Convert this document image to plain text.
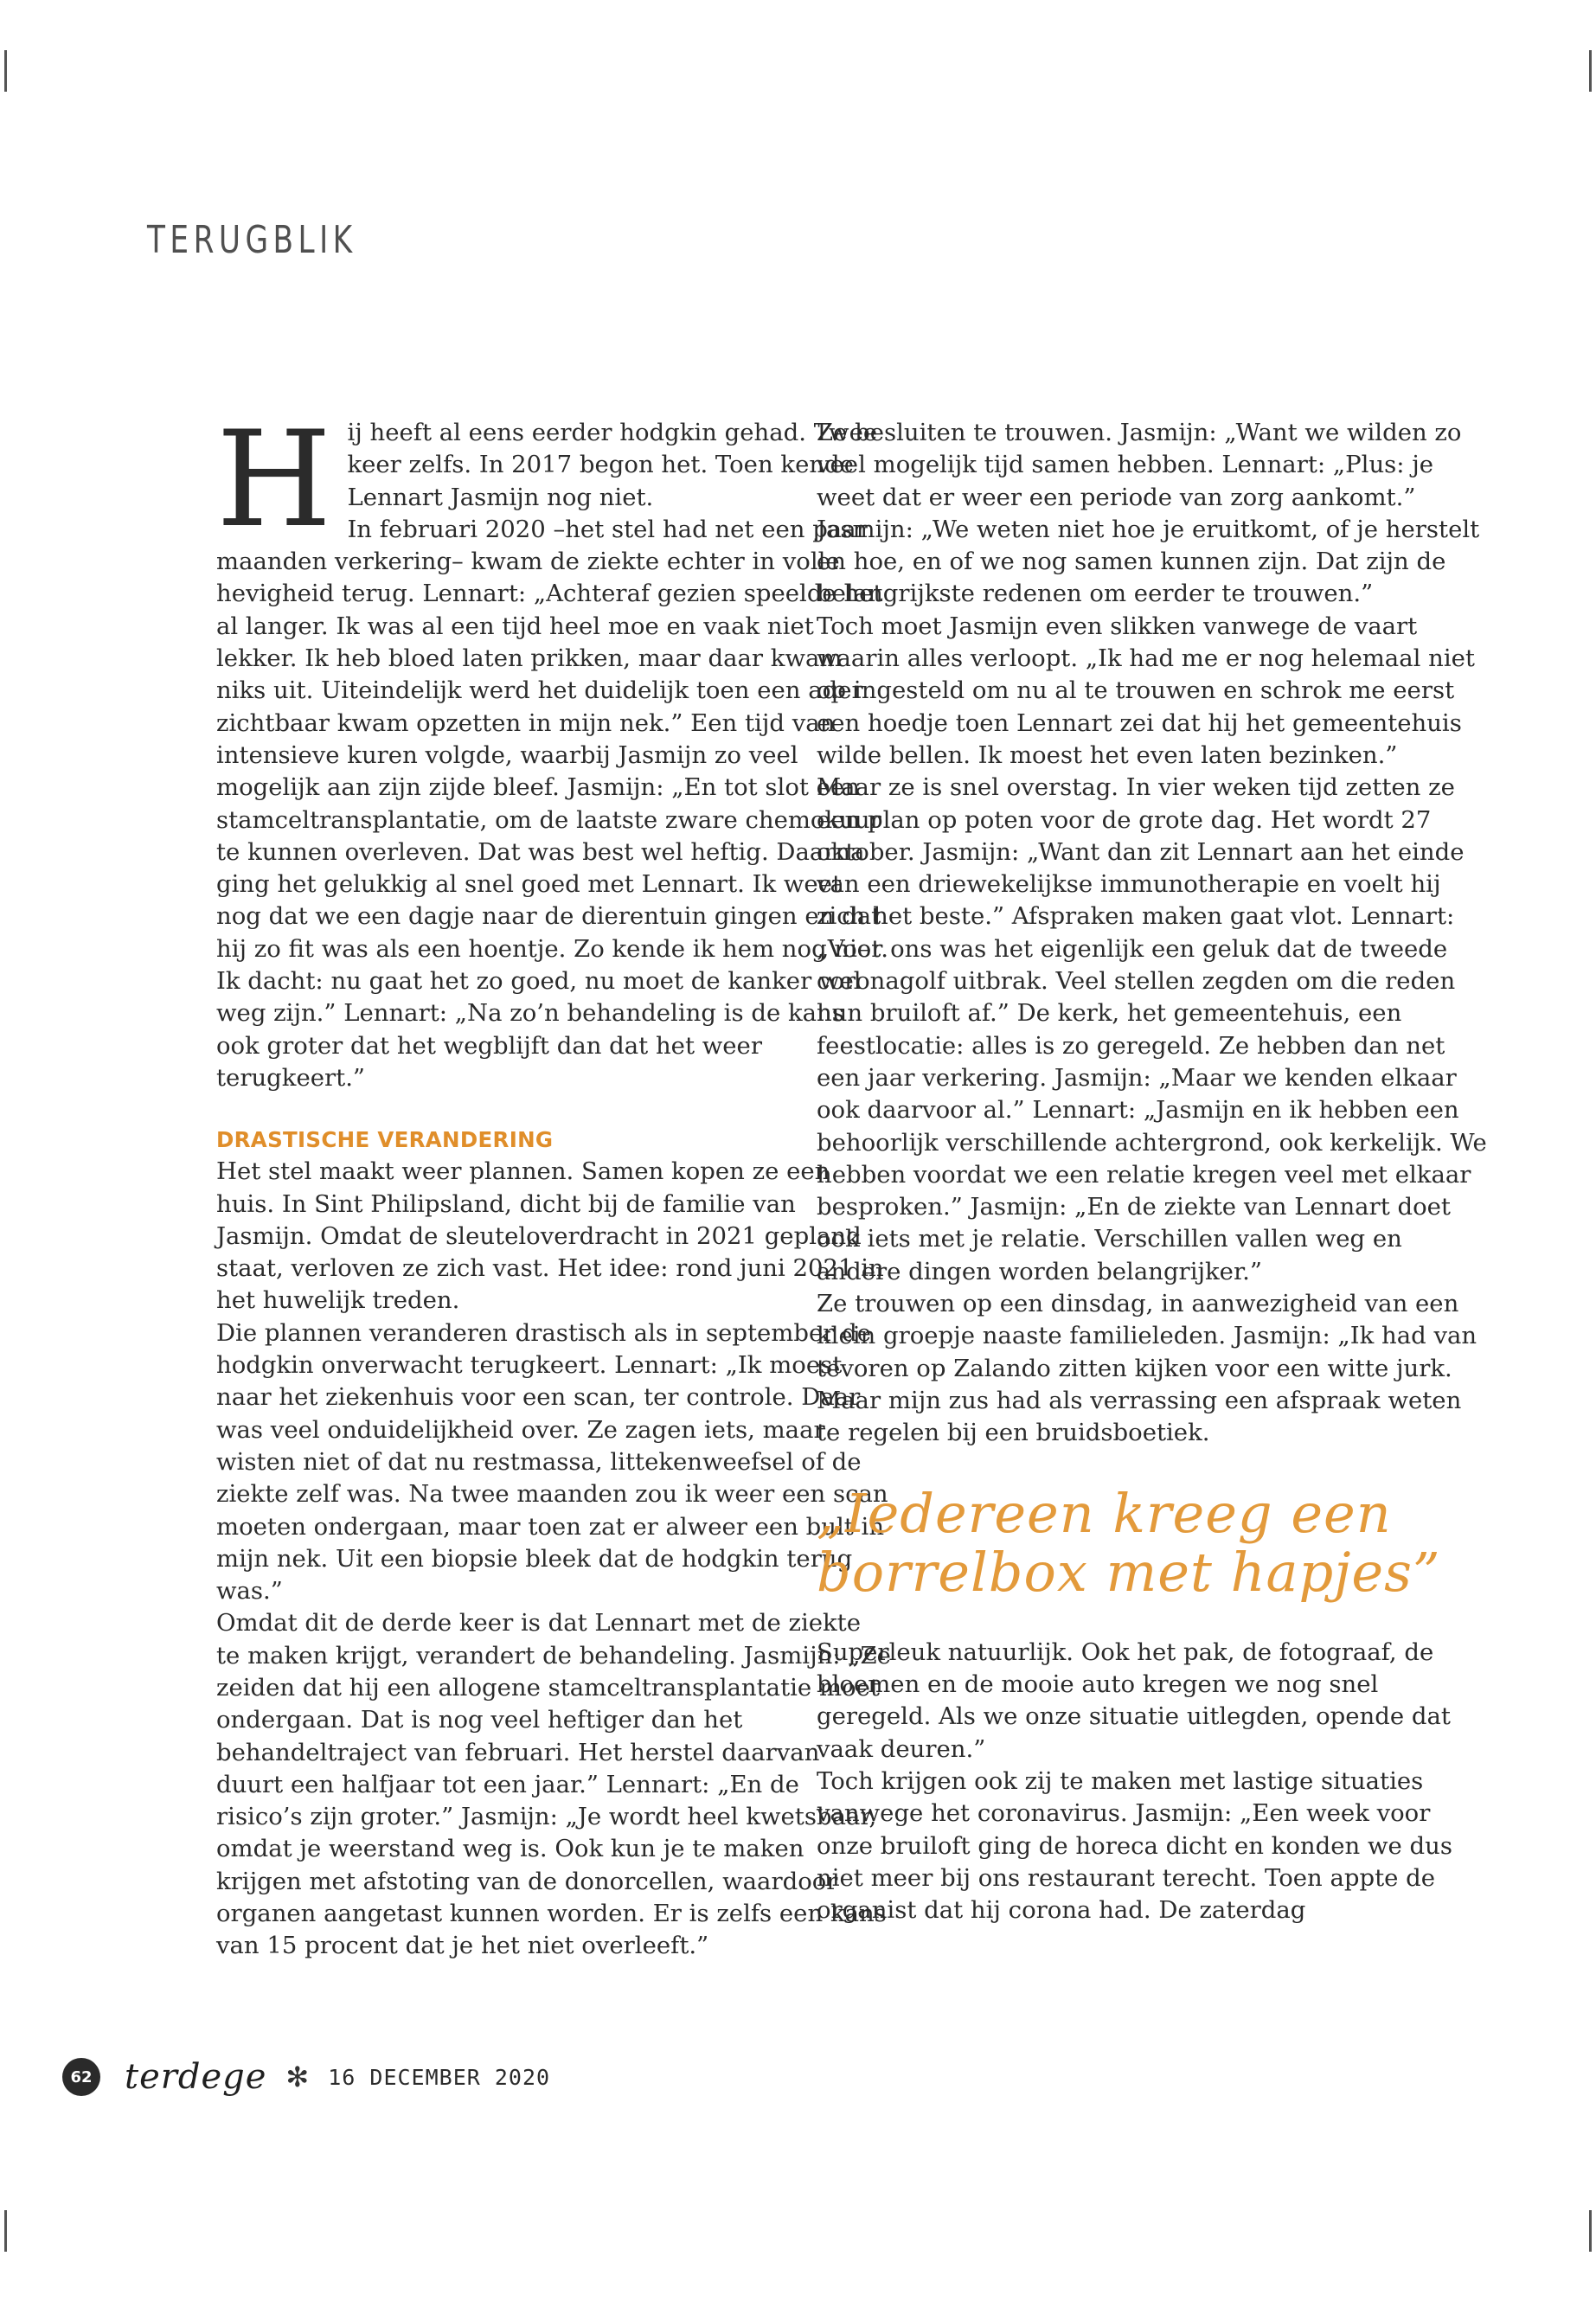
TERUGBLIK

Hij heeft al eens eerder hodgkin gehad. Twee keer zelfs. In 2017 begon het. Toen kende Lennart Jasmijn nog niet.

In februari 2020 –het stel had net een paar maanden verkering– kwam de ziekte echter in volle hevigheid terug. Lennart: „Achteraf gezien speelde het al langer. Ik was al een tijd heel moe en vaak niet lekker. Ik heb bloed laten prikken, maar daar kwam niks uit. Uiteindelijk werd het duidelijk toen een ader zichtbaar kwam opzetten in mijn nek.” Een tijd van intensieve kuren volgde, waarbij Jasmijn zo veel mogelijk aan zijn zijde bleef. Jasmijn: „En tot slot een stamceltransplantatie, om de laatste zware chemokuur te kunnen overleven. Dat was best wel heftig. Daarna ging het gelukkig al snel goed met Lennart. Ik weet nog dat we een dagje naar de dierentuin gingen en dat hij zo fit was als een hoentje. Zo kende ik hem nog niet. Ik dacht: nu gaat het zo goed, nu moet de kanker wel weg zijn.” Lennart: „Na zo’n behandeling is de kans ook groter dat het wegblijft dan dat het weer terugkeert.”

DRASTISCHE VERANDERING

Het stel maakt weer plannen. Samen kopen ze een huis. In Sint Philipsland, dicht bij de familie van Jasmijn. Omdat de sleuteloverdracht in 2021 gepland staat, verloven ze zich vast. Het idee: rond juni 2021 in het huwelijk treden.

Die plannen veranderen drastisch als in september de hodgkin onverwacht terugkeert. Lennart: „Ik moest naar het ziekenhuis voor een scan, ter controle. Daar was veel onduidelijkheid over. Ze zagen iets, maar wisten niet of dat nu restmassa, littekenweefsel of de ziekte zelf was. Na twee maanden zou ik weer een scan moeten ondergaan, maar toen zat er alweer een bult in mijn nek. Uit een biopsie bleek dat de hodgkin terug was.”

Omdat dit de derde keer is dat Lennart met de ziekte te maken krijgt, verandert de behandeling. Jasmijn: „Ze zeiden dat hij een allogene stamceltransplantatie moet ondergaan. Dat is nog veel heftiger dan het behandeltraject van februari. Het herstel daarvan duurt een halfjaar tot een jaar.” Lennart: „En de risico’s zijn groter.” Jasmijn: „Je wordt heel kwetsbaar, omdat je weerstand weg is. Ook kun je te maken krijgen met afstoting van de donorcellen, waardoor organen aangetast kunnen worden. Er is zelfs een kans van 15 procent dat je het niet overleeft.”

Ze besluiten te trouwen. Jasmijn: „Want we wilden zo veel mogelijk tijd samen hebben. Lennart: „Plus: je weet dat er weer een periode van zorg aankomt.” Jasmijn: „We weten niet hoe je eruitkomt, of je herstelt en hoe, en of we nog samen kunnen zijn. Dat zijn de belangrijkste redenen om eerder te trouwen.”

Toch moet Jasmijn even slikken vanwege de vaart waarin alles verloopt. „Ik had me er nog helemaal niet op ingesteld om nu al te trouwen en schrok me eerst een hoedje toen Lennart zei dat hij het gemeentehuis wilde bellen. Ik moest het even laten bezinken.”

Maar ze is snel overstag. In vier weken tijd zetten ze een plan op poten voor de grote dag. Het wordt 27 oktober. Jasmijn: „Want dan zit Lennart aan het einde van een driewekelijkse immunotherapie en voelt hij zich het beste.” Afspraken maken gaat vlot. Lennart: „Voor ons was het eigenlijk een geluk dat de tweede coronagolf uitbrak. Veel stellen zegden om die reden hun bruiloft af.” De kerk, het gemeentehuis, een feestlocatie: alles is zo geregeld. Ze hebben dan net een jaar verkering. Jasmijn: „Maar we kenden elkaar ook daarvoor al.” Lennart: „Jasmijn en ik hebben een behoorlijk verschillende achtergrond, ook kerkelijk. We hebben voordat we een relatie kregen veel met elkaar besproken.” Jasmijn: „En de ziekte van Lennart doet ook iets met je relatie. Verschillen vallen weg en andere dingen worden belangrijker.”

Ze trouwen op een dinsdag, in aanwezigheid van een klein groepje naaste familieleden. Jasmijn: „Ik had van tevoren op Zalando zitten kijken voor een witte jurk. Maar mijn zus had als verrassing een afspraak weten te regelen bij een bruidsboetiek.

„Iedereen kreeg een
borrelbox met hapjes”

Superleuk natuurlijk. Ook het pak, de fotograaf, de bloemen en de mooie auto kregen we nog snel geregeld. Als we onze situatie uitlegden, opende dat vaak deuren.”

Toch krijgen ook zij te maken met lastige situaties vanwege het coronavirus. Jasmijn: „Een week voor onze bruiloft ging de horeca dicht en konden we dus niet meer bij ons restaurant terecht. Toen appte de organist dat hij corona had. De zaterdag

62 terdege ✻ 16 DECEMBER 2020
